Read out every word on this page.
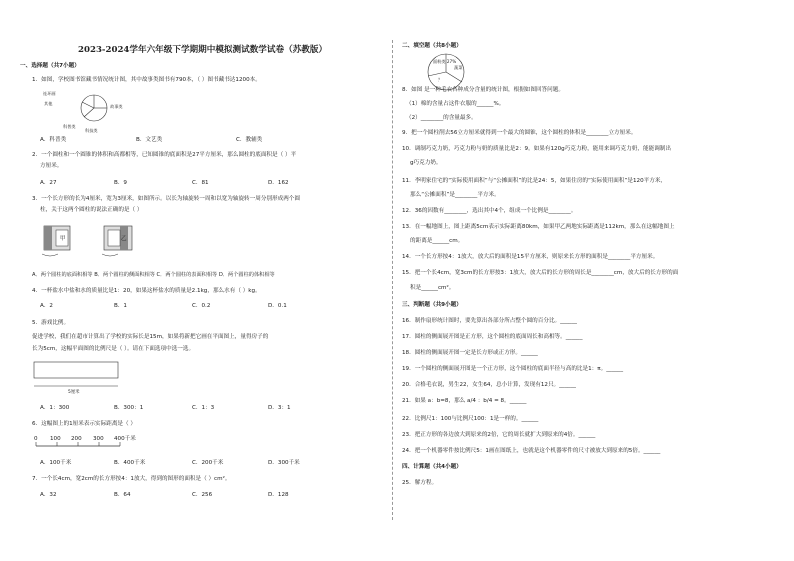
2023-2024学年六年级下学期期中模拟测试数学试卷（苏教版）
一、选择题（共7小题）
1．如图，学校图书馆藏书情况统计图，其中故事类图书有790本，（ ）图书藏书达1200本。
其他
故事类
连环画
科普类
科技类
A．科普类	B．文艺类	C．教辅类
2．一个圆柱和一个圆锥的体积和高都相等，已知圆锥的底面积是27平方厘米，那么圆柱的底面积是（ ）平
方厘米。
A．27	B．9	C．81	D．162
3．一个长方形的长为4厘米，宽为3厘米，如图所示。以长为轴旋转一周和以宽为轴旋转一周分别形成两个圆
柱，关于这两个圆柱的说法正确的是（ ）
甲	乙
A．两个圆柱的底面积相等 B．两个圆柱的侧面积相等 C．两个圆柱的表面积相等 D．两个圆柱的体积相等
4．一杯盐水中盐和水的质量比是1：20，如果这杯盐水的质量是2.1kg，那么水有（ ）kg。
A．2	B．1	C．0.2	D．0.1
5．游戏比例。
促进学校，我们在超市计算出了学校的实际长是15m，如果将新把它画在平面图上，量得房子的
长为5cm，这幅平面图的比例尺是（ ）。请在下面选项中选一选。
5厘米
A．1：300	B．300：1	C．1：3	D．3：1
6．这幅图上的1厘米表示实际距离是（ ）
0 100 200 300 400千米
A．100千米	B．400千米	C．200千米	D．300千米
7．一个长4cm，宽2cm的长方形按4：1放大，得到的图形的面积是（ ）cm²。
A．32	B．64	C．256	D．128
二、填空题（共8小题）
面粉类 27%
蔬菜
？
8．如图 是一种毛衣各种成分含量的统计图，根据如图回答问题。
（1）棉的含量占这件衣服的______%。
（2）________的含量最多。
9．把一个圆柱削去56立方厘米就得到一个最大的圆锥，这个圆柱的体积是________立方厘米。
10．调制巧克力奶，巧克力粉与奶的质量比是2：9。如果有120g巧克力粉，能用来调巧克力奶，能能调制出
g巧克力奶。
11．李明家住宅的“实际使用面积”与“公摊面积”的比是24：5，如果住房的“实际使用面积”是120平方米，
那么“公摊面积”是________平方米。
12．36的因数有________，选出其中4个，组成一个比例是________。
13．在一幅地图上，图上距离5cm表示实际距离80km，如果甲乙两地实际距离是112km，那么在这幅地图上
的距离是______cm。
14．一个长方形按4：1放大，放大后的面积是15平方厘米，则原来长方形的面积是________平方厘米。
15．把一个长4cm，宽3cm的长方形按3：1放大，放大后的长方形的周长是________cm，放大后的长方形的面
积是______cm²。
三、判断题（共9小题）
16．制作扇形统计图时，要先算出各部分所占整个圆的百分比。______
17．圆柱的侧面展开图是正方形，这个圆柱的底面周长和高相等。______
18．圆柱的侧面展开图一定是长方形或正方形。______
19．一个圆柱的侧面展开图是一个正方形，这个圆柱的底面半径与高的比是1：π。______
20．合格毛衣说，男生22，女生64，总小计算，发现有12只。______
21．如果 a：b=8，那么 a/4 ：b/4 = 8。______
22．比例尺1：100与比例尺100：1是一样的。______
23．把正方形的各边放大到原来的2倍，它的周长就扩大到原来的4倍。______
24．把一个机器零件按比例尺5：1画在图纸上，也就是这个机器零件的尺寸被放大到原来的5倍。______
四、计算题（共4小题）
25．解方程。
